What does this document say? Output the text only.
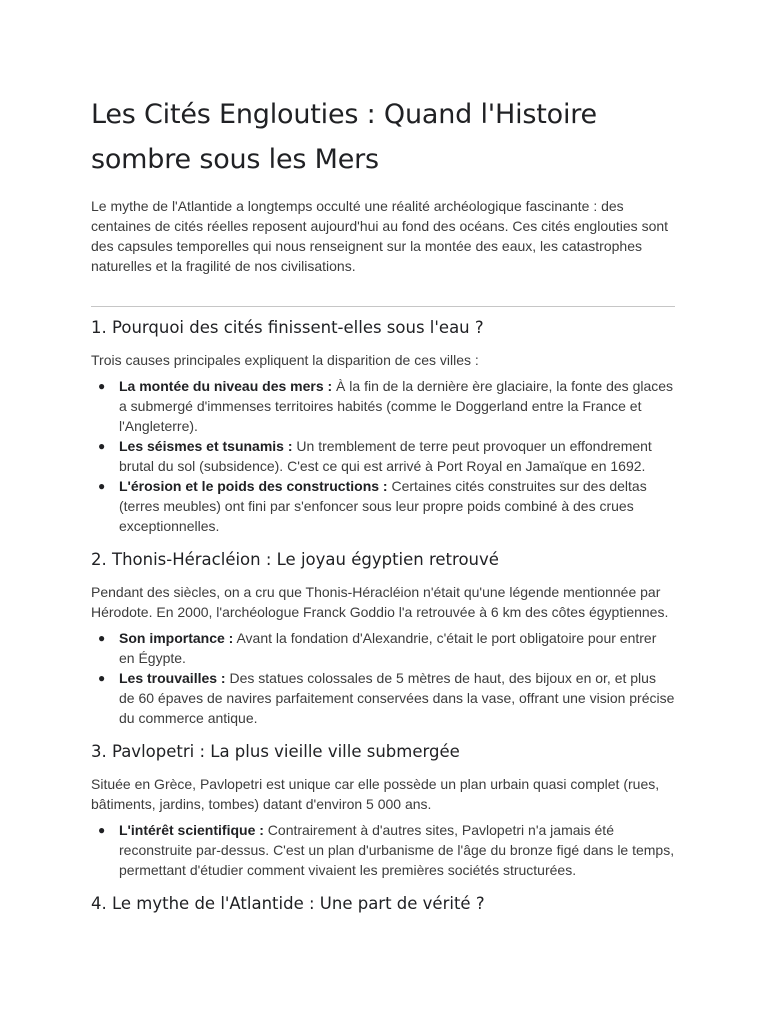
Les Cités Englouties : Quand l'Histoire sombre sous les Mers

Le mythe de l'Atlantide a longtemps occulté une réalité archéologique fascinante : des centaines de cités réelles reposent aujourd'hui au fond des océans. Ces cités englouties sont des capsules temporelles qui nous renseignent sur la montée des eaux, les catastrophes naturelles et la fragilité de nos civilisations.

1. Pourquoi des cités finissent-elles sous l'eau ?

Trois causes principales expliquent la disparition de ces villes :

● La montée du niveau des mers : À la fin de la dernière ère glaciaire, la fonte des glaces a submergé d'immenses territoires habités (comme le Doggerland entre la France et l'Angleterre).
● Les séismes et tsunamis : Un tremblement de terre peut provoquer un effondrement brutal du sol (subsidence). C'est ce qui est arrivé à Port Royal en Jamaïque en 1692.
● L'érosion et le poids des constructions : Certaines cités construites sur des deltas (terres meubles) ont fini par s'enfoncer sous leur propre poids combiné à des crues exceptionnelles.
2. Thonis-Héracléion : Le joyau égyptien retrouvé

Pendant des siècles, on a cru que Thonis-Héracléion n'était qu'une légende mentionnée par Hérodote. En 2000, l'archéologue Franck Goddio l'a retrouvée à 6 km des côtes égyptiennes.

● Son importance : Avant la fondation d'Alexandrie, c'était le port obligatoire pour entrer en Égypte.
● Les trouvailles : Des statues colossales de 5 mètres de haut, des bijoux en or, et plus de 60 épaves de navires parfaitement conservées dans la vase, offrant une vision précise du commerce antique.
3. Pavlopetri : La plus vieille ville submergée

Située en Grèce, Pavlopetri est unique car elle possède un plan urbain quasi complet (rues, bâtiments, jardins, tombes) datant d'environ 5 000 ans.

● L'intérêt scientifique : Contrairement à d'autres sites, Pavlopetri n'a jamais été reconstruite par-dessus. C'est un plan d'urbanisme de l'âge du bronze figé dans le temps, permettant d'étudier comment vivaient les premières sociétés structurées.
4. Le mythe de l'Atlantide : Une part de vérité ?
